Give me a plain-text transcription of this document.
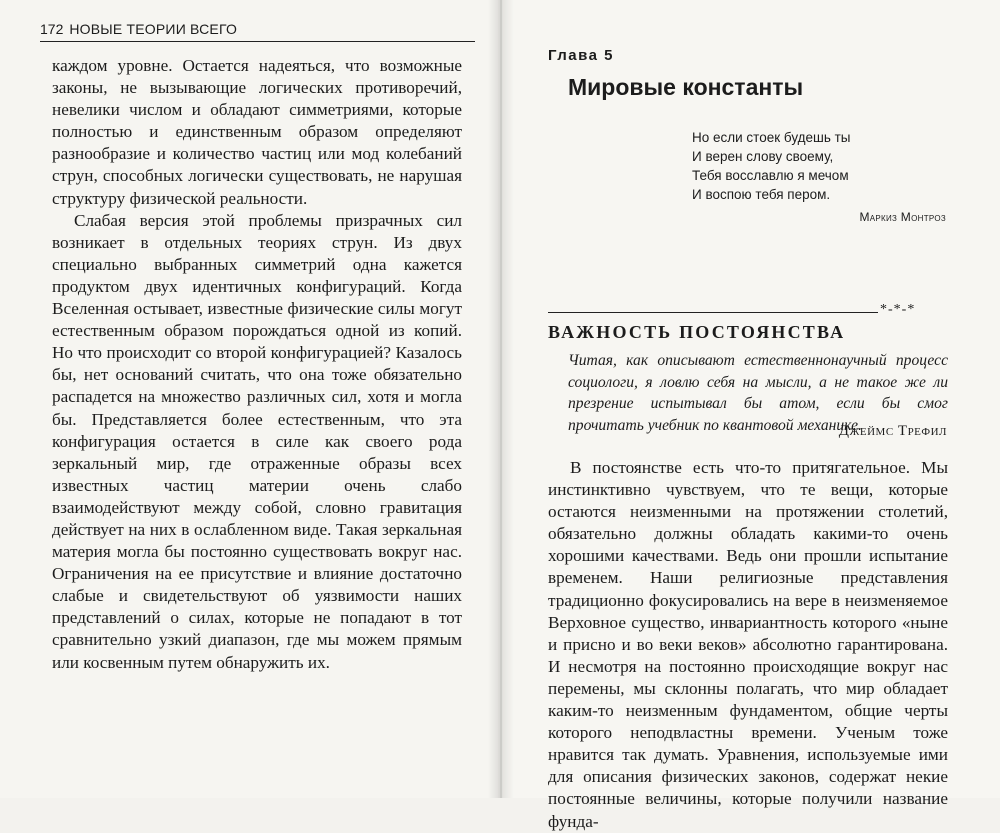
172 НОВЫЕ ТЕОРИИ ВСЕГО

каждом уровне. Остается надеяться, что возможные законы, не вызывающие логических противоречий, невелики числом и обладают симметриями, которые полностью и единственным образом определяют разнообразие и количество частиц или мод колебаний струн, способных логически существовать, не нарушая структуру физической реальности.

Слабая версия этой проблемы призрачных сил возникает в отдельных теориях струн. Из двух специально выбранных симметрий одна кажется продуктом двух идентичных конфигураций. Когда Вселенная остывает, известные физические силы могут естественным образом порождаться одной из копий. Но что происходит со второй конфигурацией? Казалось бы, нет оснований считать, что она тоже обязательно распадется на множество различных сил, хотя и могла бы. Представляется более естественным, что эта конфигурация остается в силе как своего рода зеркальный мир, где отраженные образы всех известных частиц материи очень слабо взаимодействуют между собой, словно гравитация действует на них в ослабленном виде. Такая зеркальная материя могла бы постоянно существовать вокруг нас. Ограничения на ее присутствие и влияние достаточно слабые и свидетельствуют об уязвимости наших представлений о силах, которые не попадают в тот сравнительно узкий диапазон, где мы можем прямым или косвенным путем обнаружить их.

Глава 5
Мировые константы
Но если стоек будешь ты
И верен слову своему,
Тебя восславлю я мечом
И воспою тебя пером.
Маркиз Монтроз
*-*-*
ВАЖНОСТЬ ПОСТОЯНСТВА
Читая, как описывают естественнонаучный процесс социологи, я ловлю себя на мысли, а не такое же ли презрение испытывал бы атом, если бы смог прочитать учебник по квантовой механике.
Джеймс Трефил

В постоянстве есть что-то притягательное. Мы инстинктивно чувствуем, что те вещи, которые остаются неизменными на протяжении столетий, обязательно должны обладать какими-то очень хорошими качествами. Ведь они прошли испытание временем. Наши религиозные представления традиционно фокусировались на вере в неизменяемое Верховное существо, инвариантность которого «ныне и присно и во веки веков» абсолютно гарантирована. И несмотря на постоянно происходящие вокруг нас перемены, мы склонны полагать, что мир обладает каким-то неизменным фундаментом, общие черты которого неподвластны времени. Ученым тоже нравится так думать. Уравнения, используемые ими для описания физических законов, содержат некие постоянные величины, которые получили название фунда-
